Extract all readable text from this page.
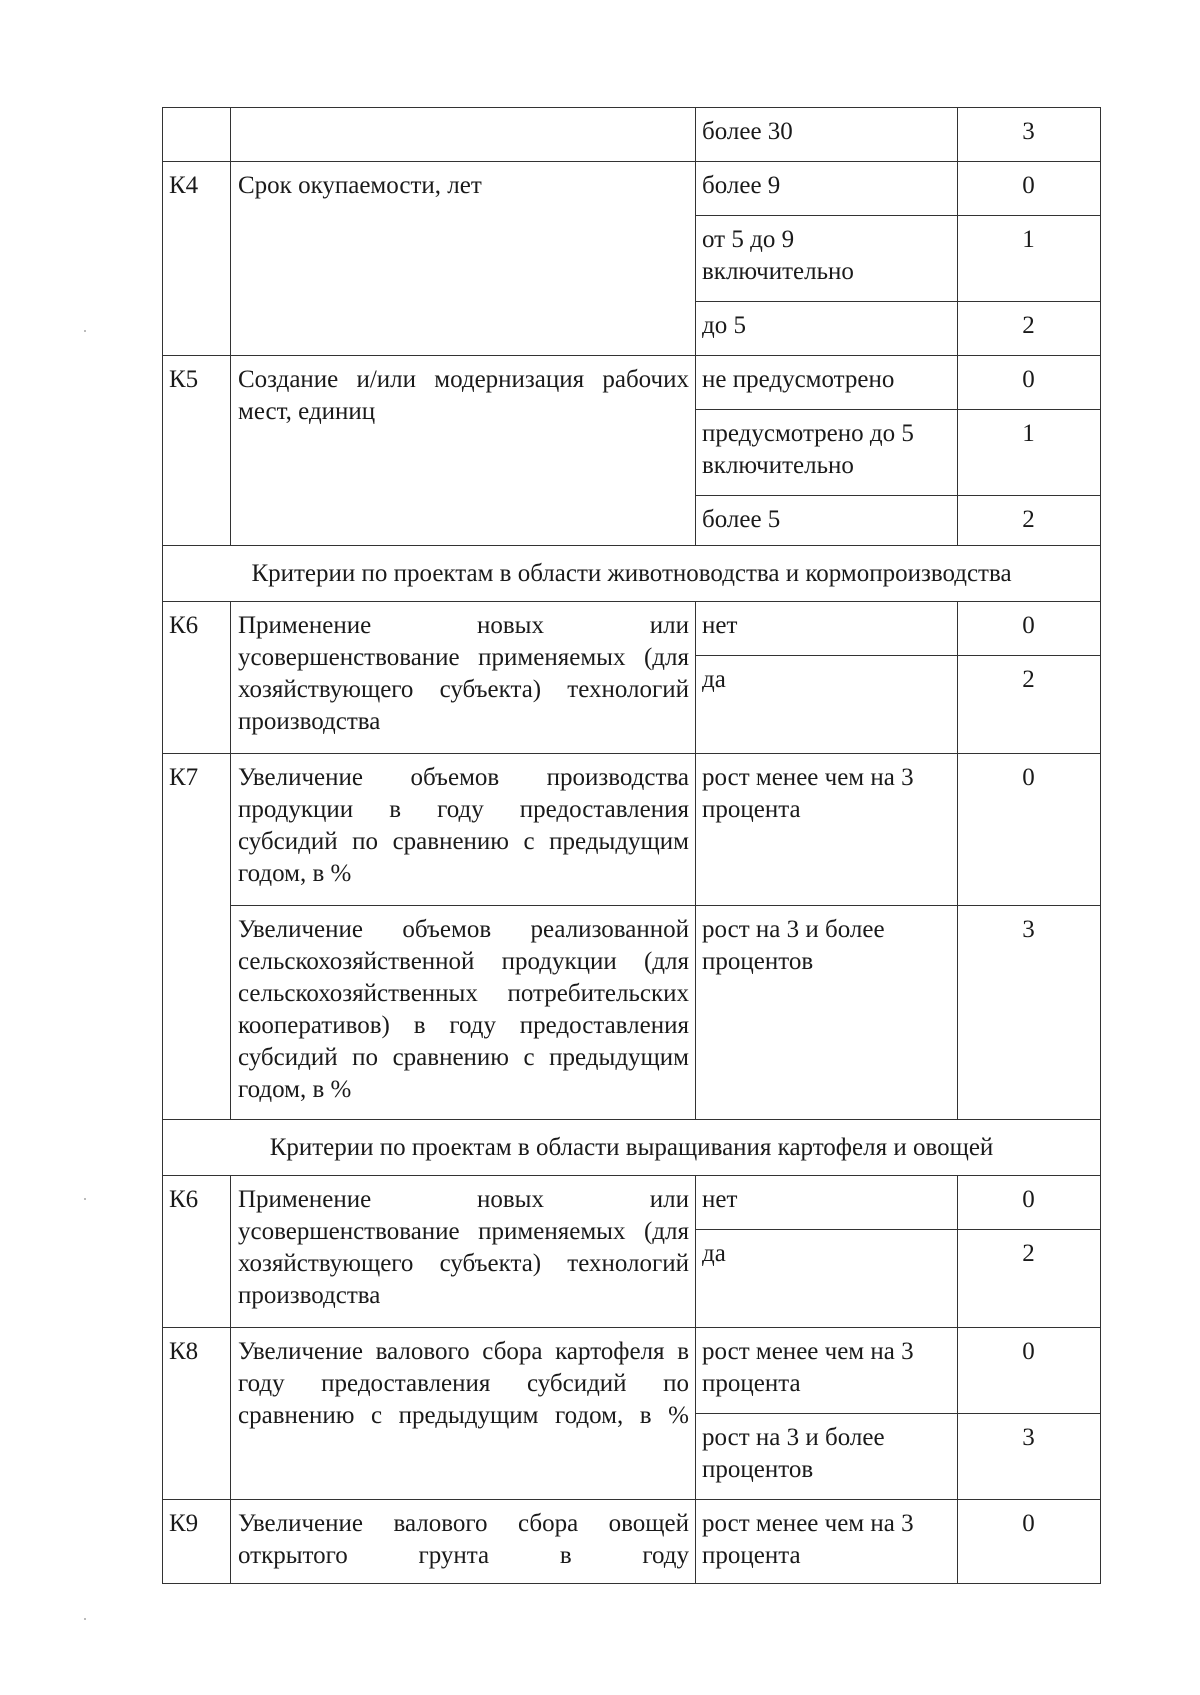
		более 30	3
К4	Срок окупаемости, лет	более 9	0
		от 5 до 9 включительно	1
		до 5	2
К5	Создание и/или модернизация рабочих мест, единиц	не предусмотрено	0
		предусмотрено до 5 включительно	1
		более 5	2
Критерии по проектам в области животноводства и кормопроизводства			
К6	Применение новых или усовершенствование применяемых (для хозяйствующего субъекта) технологий производства	нет	0
		да	2
К7	Увеличение объемов производства продукции в году предоставления субсидий по сравнению с предыдущим годом, в %	рост менее чем на 3 процента	0
	Увеличение объемов реализованной сельскохозяйственной продукции (для сельскохозяйственных потребительских кооперативов) в году предоставления субсидий по сравнению с предыдущим годом, в %	рост на 3 и более процентов	3
Критерии по проектам в области выращивания картофеля и овощей			
К6	Применение новых или усовершенствование применяемых (для хозяйствующего субъекта) технологий производства	нет	0
		да	2
К8	Увеличение валового сбора картофеля в году предоставления субсидий по сравнению с предыдущим годом, в %	рост менее чем на 3 процента	0
		рост на 3 и более процентов	3
К9	Увеличение валового сбора овощей открытого грунта в году	рост менее чем на 3 процента	0
